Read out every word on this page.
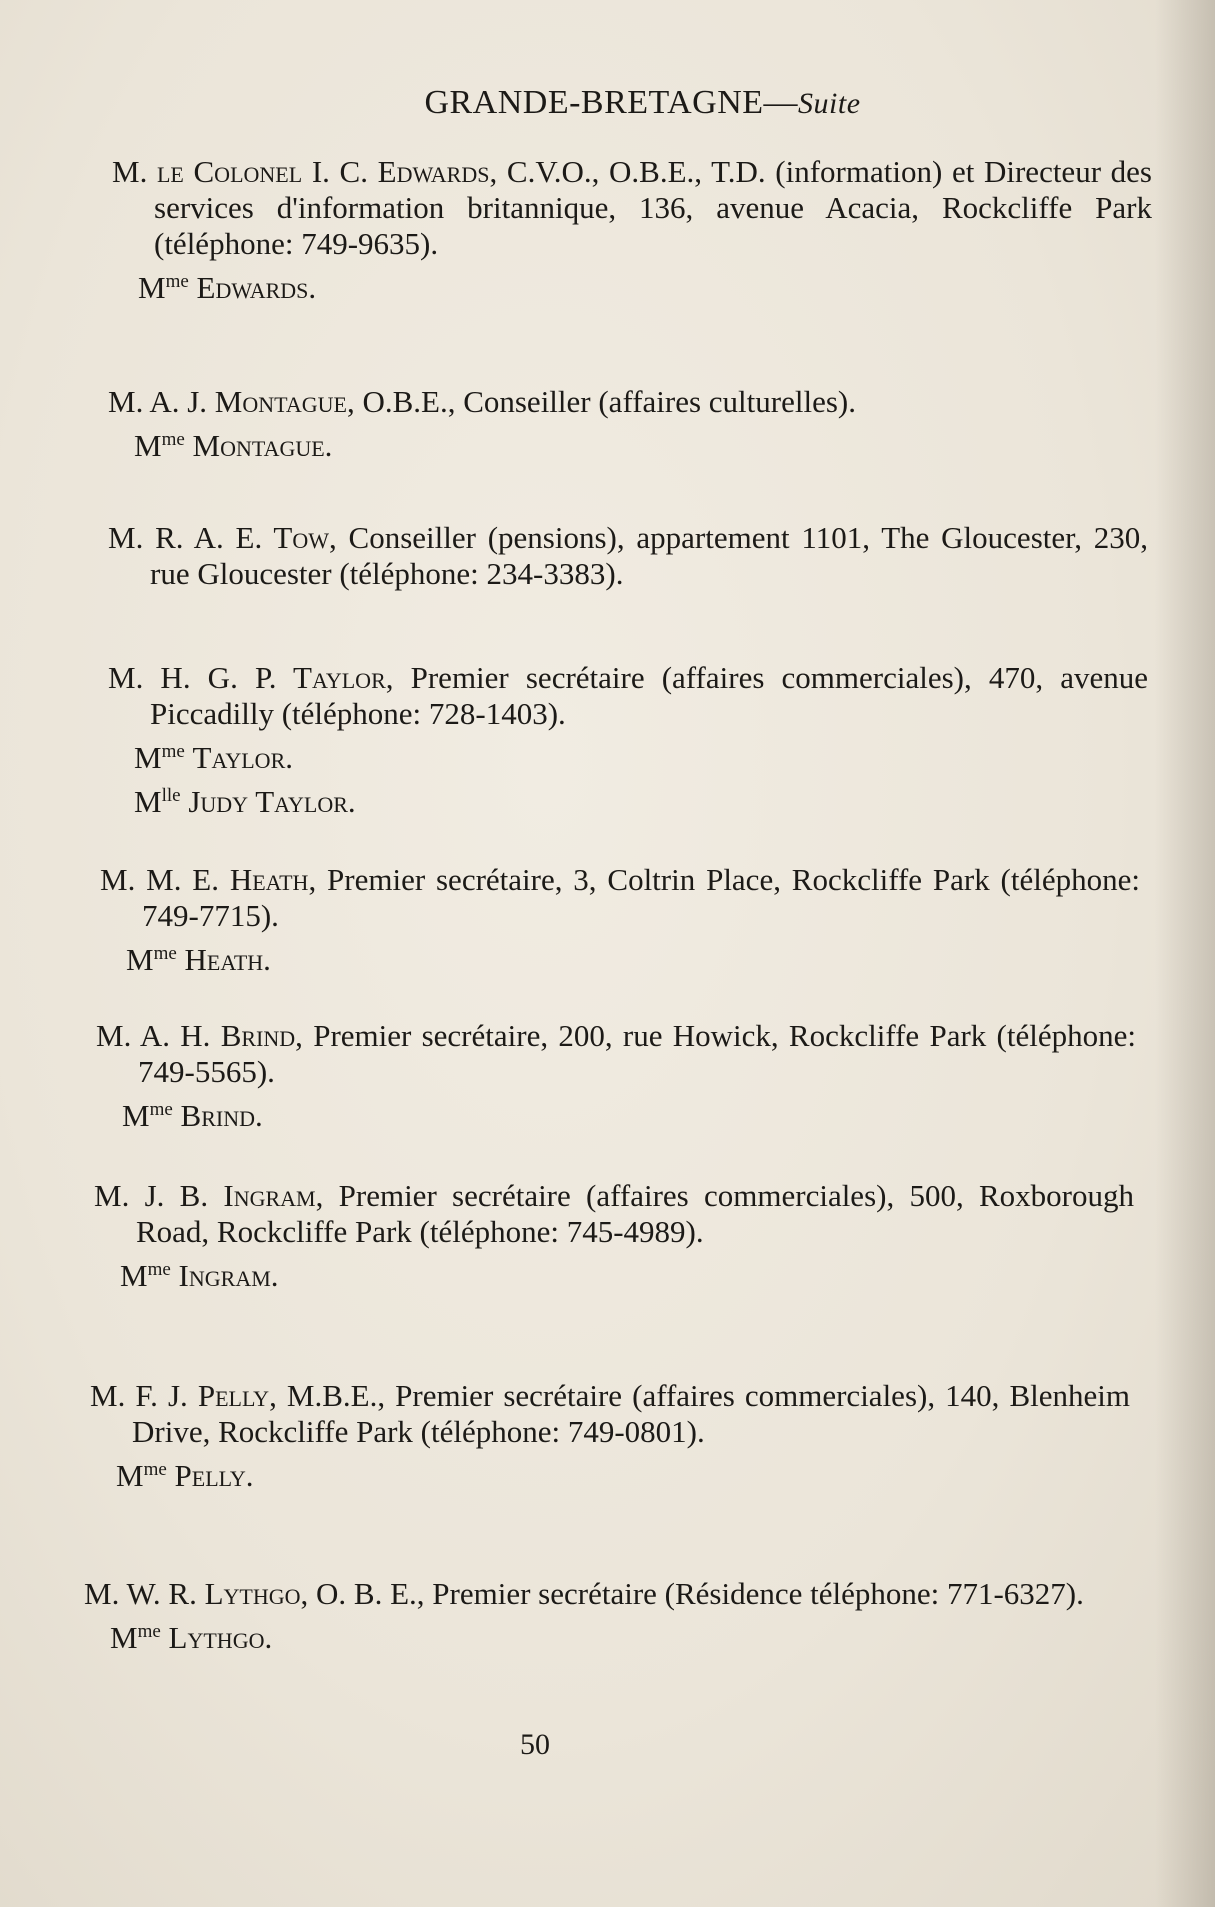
GRANDE-BRETAGNE—Suite
M. le Colonel I. C. Edwards, C.V.O., O.B.E., T.D. (information) et Directeur des services d'information britannique, 136, avenue Acacia, Rockcliffe Park (téléphone: 749-9635).
$M^{me}$ Edwards.
M. A. J. Montague, O.B.E., Conseiller (affaires culturelles).
$M^{me}$ Montague.
M. R. A. E. Tow, Conseiller (pensions), appartement 1101, The Gloucester, 230, rue Gloucester (téléphone: 234-3383).
M. H. G. P. Taylor, Premier secrétaire (affaires commerciales), 470, avenue Piccadilly (téléphone: 728-1403).
$M^{me}$ Taylor.
$M^{lle}$ Judy Taylor.
M. M. E. Heath, Premier secrétaire, 3, Coltrin Place, Rockcliffe Park (téléphone: 749-7715).
$M^{me}$ Heath.
M. A. H. Brind, Premier secrétaire, 200, rue Howick, Rockcliffe Park (téléphone: 749-5565).
$M^{me}$ Brind.
M. J. B. Ingram, Premier secrétaire (affaires commerciales), 500, Roxborough Road, Rockcliffe Park (téléphone: 745-4989).
$M^{me}$ Ingram.
M. F. J. Pelly, M.B.E., Premier secrétaire (affaires commerciales), 140, Blenheim Drive, Rockcliffe Park (téléphone: 749-0801).
$M^{me}$ Pelly.
M. W. R. Lythgo, O. B. E., Premier secrétaire (Résidence téléphone: 771-6327).
$M^{me}$ Lythgo.
50
